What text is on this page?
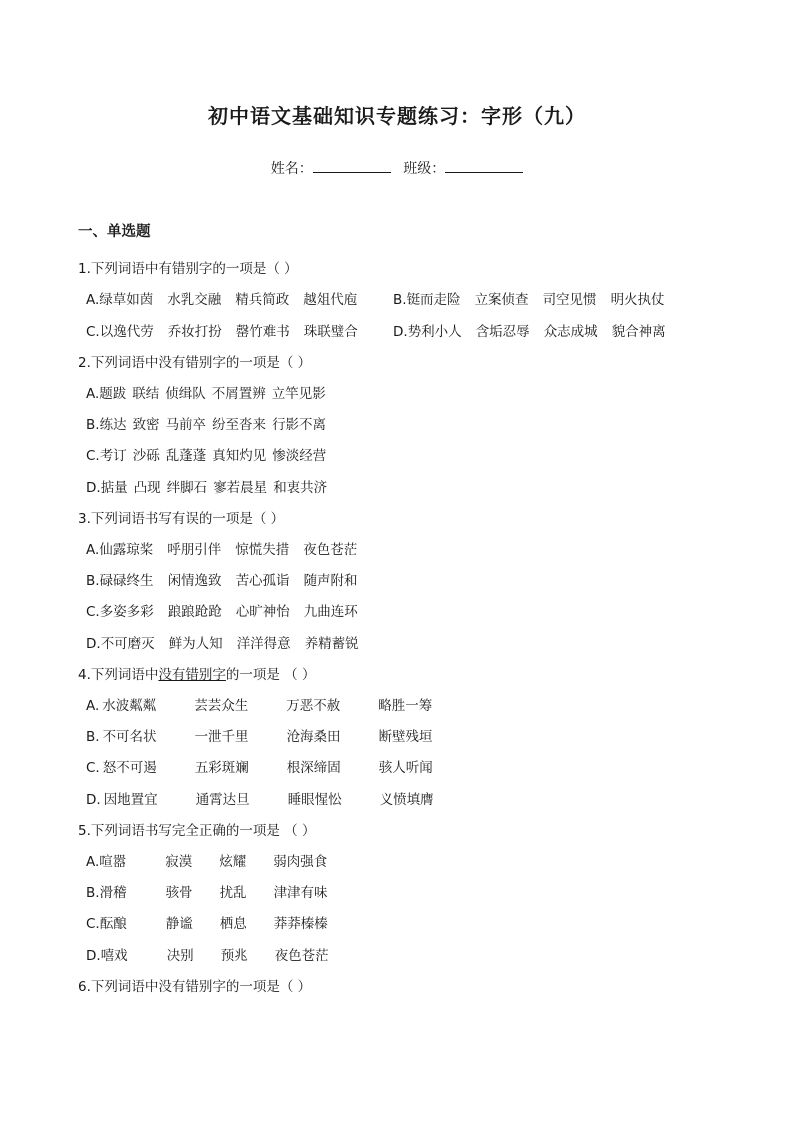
初中语文基础知识专题练习：字形（九）
姓名：	班级：
一、单选题
1.下列词语中有错别字的一项是（ ）
A.绿草如茵 水乳交融 精兵简政 越俎代庖	B.铤而走险 立案侦查 司空见惯 明火执仗
C.以逸代劳 乔妆打扮 罄竹难书 珠联璧合	D.势利小人 含垢忍辱 众志成城 貌合神离
2.下列词语中没有错别字的一项是（ ）
A.题跋 联结 侦缉队 不屑置辨 立竿见影
B.练达 致密 马前卒 纷至沓来 行影不离
C.考订 沙砾 乱蓬蓬 真知灼见 惨淡经营
D.掂量 凸现 绊脚石 寥若晨星 和衷共济
3.下列词语书写有误的一项是（ ）
A.仙露琼桨 呼朋引伴 惊慌失措 夜色苍茫
B.碌碌终生 闲情逸致 苦心孤诣 随声附和
C.多姿多彩 踉踉跄跄 心旷神怡 九曲连环
D.不可磨灭 鲜为人知 洋洋得意 养精蓄锐
4.下列词语中没有错别字的一项是 （ ）
A. 水波粼粼	芸芸众生	万恶不赦	略胜一筹
B. 不可名状	一泄千里	沧海桑田	断壁残垣
C. 怒不可遏	五彩斑斓	根深缔固	骇人听闻
D. 因地置宜	通霄达旦	睡眼惺忪	义愤填膺
5.下列词语书写完全正确的一项是 （ ）
A.喧嚣	寂漠 炫耀 弱肉强食
B.滑稽	骇骨 扰乱 津津有味
C.酝酿	静谧 栖息 莽莽榛榛
D.嘻戏	决别 预兆 夜色苍茫
6.下列词语中没有错别字的一项是（ ）
